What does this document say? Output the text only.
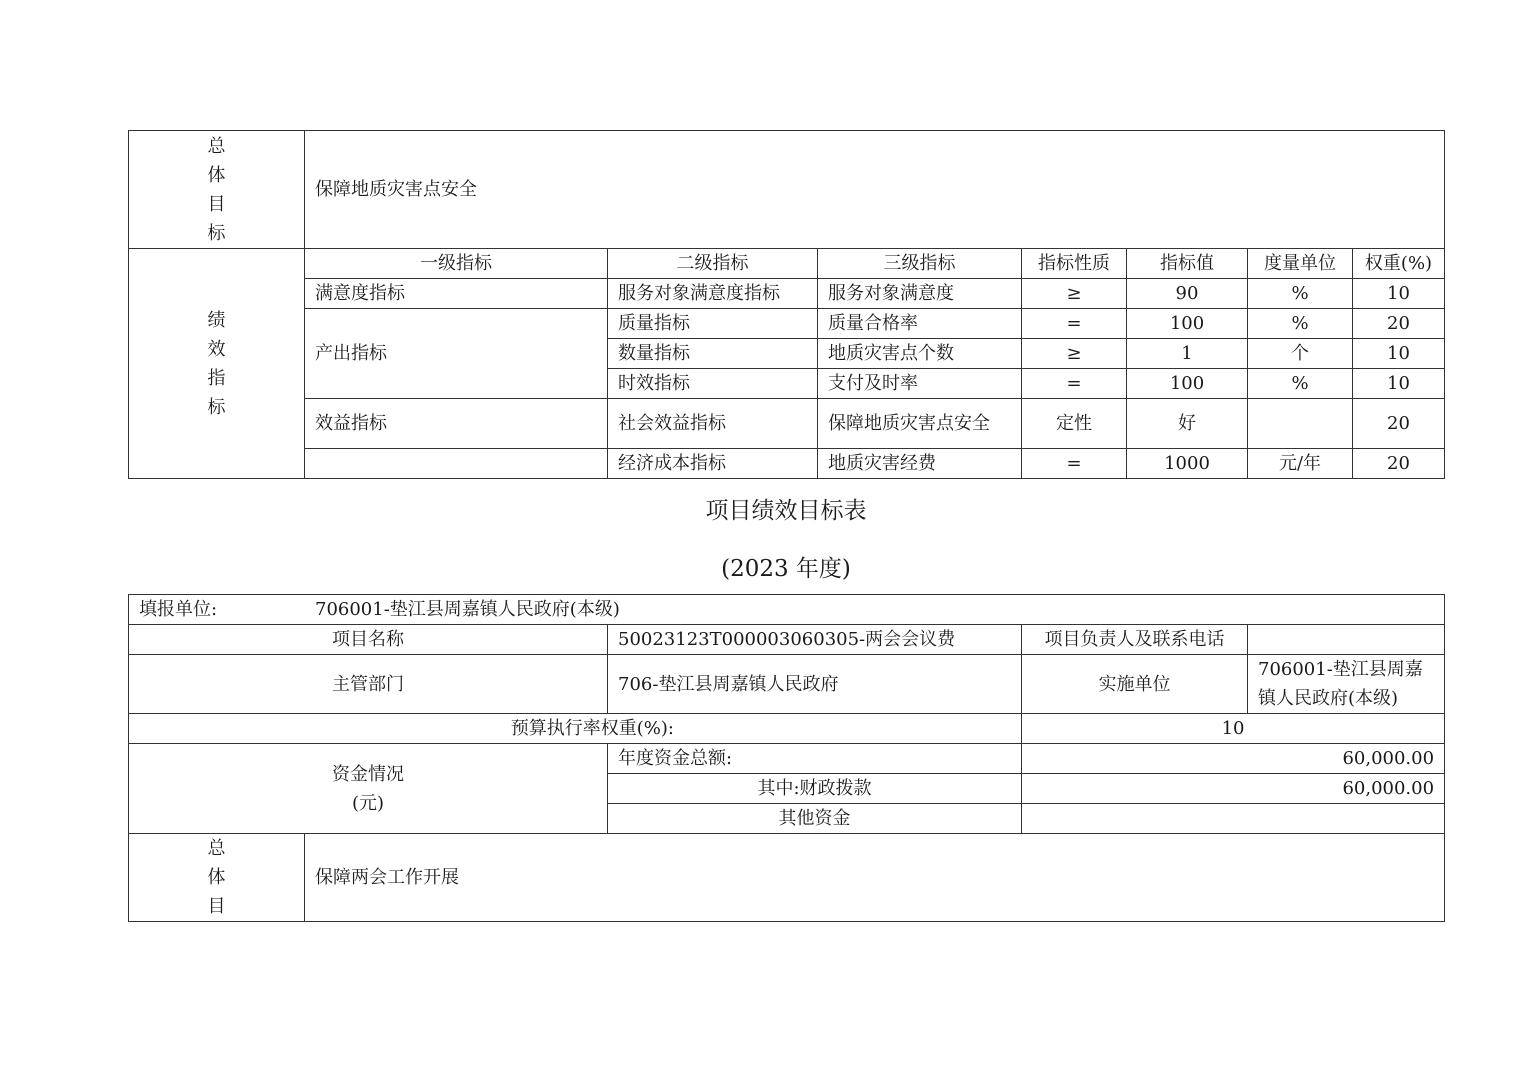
总
体
目
标	保障地质灾害点安全						

绩
效
指
标	一级指标	二级指标	三级指标	指标性质	指标值	度量单位	权重(%)
	满意度指标	服务对象满意度指标	服务对象满意度	≥	90	%	10
	产出指标	质量指标	质量合格率	=	100	%	20
		数量指标	地质灾害点个数	≥	1	个	10
		时效指标	支付及时率	=	100	%	10
	效益指标	社会效益指标	保障地质灾害点安全	定性	好		20
		经济成本指标	地质灾害经费	=	1000	元/年	20
项目绩效目标表
(2023 年度)
填报单位: 706001-垫江县周嘉镇人民政府(本级)				
项目名称		50023123T000003060305-两会会议费	项目负责人及联系电话	
主管部门		706-垫江县周嘉镇人民政府	实施单位	706001-垫江县周嘉
镇人民政府(本级)

预算执行率权重(%):			10	

资金情况
(元)		年度资金总额:	60,000.00	
		其中:财政拨款	60,000.00	
		其他资金		

总
体
目	保障两会工作开展			
